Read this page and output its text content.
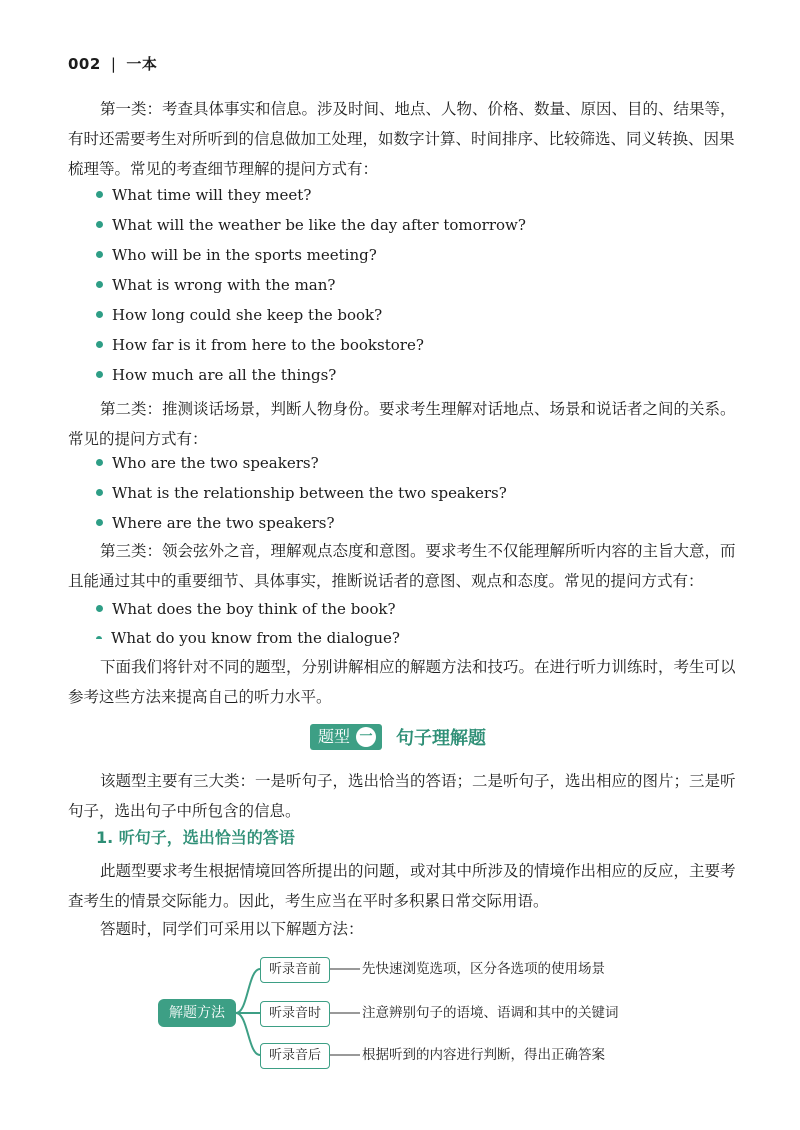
002 | 一本

第一类：考查具体事实和信息。涉及时间、地点、人物、价格、数量、原因、目的、结果等，有时还需要考生对所听到的信息做加工处理，如数字计算、时间排序、比较筛选、同义转换、因果梳理等。常见的考查细节理解的提问方式有：

What time will they meet?
What will the weather be like the day after tomorrow?
Who will be in the sports meeting?
What is wrong with the man?
How long could she keep the book?
How far is it from here to the bookstore?
How much are all the things?

第二类：推测谈话场景，判断人物身份。要求考生理解对话地点、场景和说话者之间的关系。常见的提问方式有：

Who are the two speakers?
What is the relationship between the two speakers?
Where are the two speakers?

第三类：领会弦外之音，理解观点态度和意图。要求考生不仅能理解所听内容的主旨大意，而且能通过其中的重要细节、具体事实，推断说话者的意图、观点和态度。常见的提问方式有：

What does the boy think of the book?
What do you know from the dialogue?

下面我们将针对不同的题型，分别讲解相应的解题方法和技巧。在进行听力训练时，考生可以参考这些方法来提高自己的听力水平。

题型 一 句子理解题

该题型主要有三大类：一是听句子，选出恰当的答语；二是听句子，选出相应的图片；三是听句子，选出句子中所包含的信息。

1. 听句子，选出恰当的答语

此题型要求考生根据情境回答所提出的问题，或对其中所涉及的情境作出相应的反应，主要考查考生的情景交际能力。因此，考生应当在平时多积累日常交际用语。

答题时，同学们可采用以下解题方法：

解题方法
听录音前	先快速浏览选项，区分各选项的使用场景
听录音时	注意辨别句子的语境、语调和其中的关键词
听录音后	根据听到的内容进行判断，得出正确答案
